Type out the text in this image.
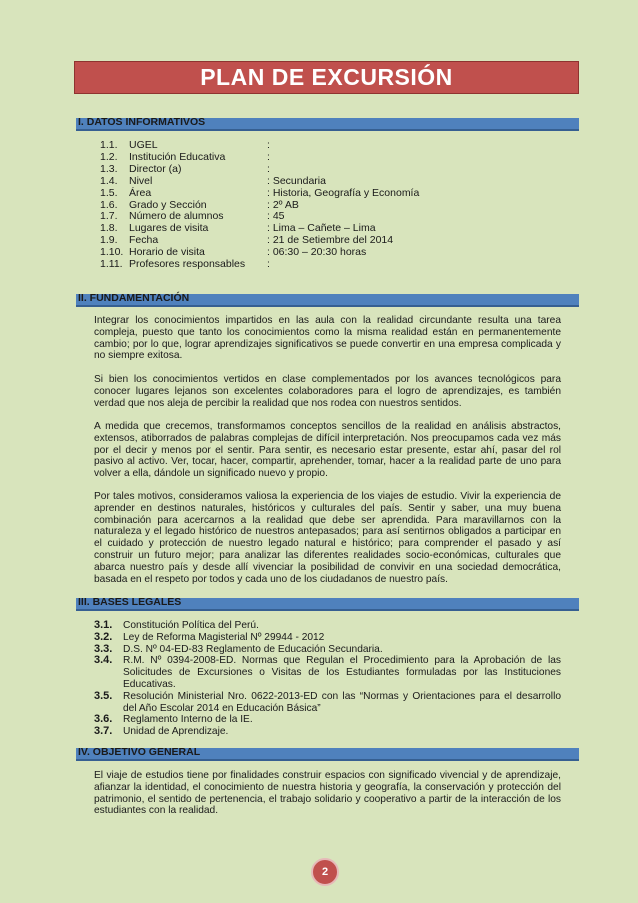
PLAN DE EXCURSIÓN
I. DATOS INFORMATIVOS
1.1.	UGEL	:
1.2.	Institución Educativa	:
1.3.	Director (a)	:
1.4.	Nivel	: Secundaria
1.5.	Área	: Historia, Geografía y Economía
1.6.	Grado y Sección	: 2º AB
1.7.	Número de alumnos	: 45
1.8.	Lugares de visita	: Lima – Cañete – Lima
1.9.	Fecha	: 21 de Setiembre del 2014
1.10. Horario de visita	: 06:30 – 20:30 horas
1.11. Profesores responsables	:
II. FUNDAMENTACIÓN

Integrar los conocimientos impartidos en las aula con la realidad circundante resulta una tarea compleja, puesto que tanto los conocimientos como la misma realidad están en permanentemente cambio; por lo que, lograr aprendizajes significativos se puede convertir en una empresa complicada y no siempre exitosa.

Si bien los conocimientos vertidos en clase complementados por los avances tecnológicos para conocer lugares lejanos son excelentes colaboradores para el logro de aprendizajes, es también verdad que nos aleja de percibir la realidad que nos rodea con nuestros sentidos.

A medida que crecemos, transformamos conceptos sencillos de la realidad en análisis abstractos, extensos, atiborrados de palabras complejas de difícil interpretación. Nos preocupamos cada vez más por el decir y menos por el sentir. Para sentir, es necesario estar presente, estar ahí, pasar del rol pasivo al activo. Ver, tocar, hacer, compartir, aprehender, tomar, hacer a la realidad parte de uno para volver a ella, dándole un significado nuevo y propio.

Por tales motivos, consideramos valiosa la experiencia de los viajes de estudio. Vivir la experiencia de aprender en destinos naturales, históricos y culturales del país. Sentir y saber, una muy buena combinación para acercarnos a la realidad que debe ser aprendida. Para maravillarnos con la naturaleza y el legado histórico de nuestros antepasados; para así sentirnos obligados a participar en el cuidado y protección de nuestro legado natural e histórico; para comprender el pasado y así construir un futuro mejor; para analizar las diferentes realidades socio-económicas, culturales que abarca nuestro país y desde allí vivenciar la posibilidad de convivir en una sociedad democrática, basada en el respeto por todos y cada uno de los ciudadanos de nuestro país.

III. BASES LEGALES
3.1.	Constitución Política del Perú.
3.2.	Ley de Reforma Magisterial Nº 29944 - 2012
3.3.	D.S. Nº 04-ED-83 Reglamento de Educación Secundaria.
3.4.	R.M. Nº 0394-2008-ED. Normas que Regulan el Procedimiento para la Aprobación de las Solicitudes de Excursiones o Visitas de los Estudiantes formuladas por las Instituciones Educativas.
3.5.	Resolución Ministerial Nro. 0622-2013-ED con las “Normas y Orientaciones para el desarrollo del Año Escolar 2014 en Educación Básica”
3.6.	Reglamento Interno de la IE.
3.7.	Unidad de Aprendizaje.
IV. OBJETIVO GENERAL

El viaje de estudios tiene por finalidades construir espacios con significado vivencial y de aprendizaje, afianzar la identidad, el conocimiento de nuestra historia y geografía, la conservación y protección del patrimonio, el sentido de pertenencia, el trabajo solidario y cooperativo a partir de la interacción de los estudiantes con la realidad.

2
